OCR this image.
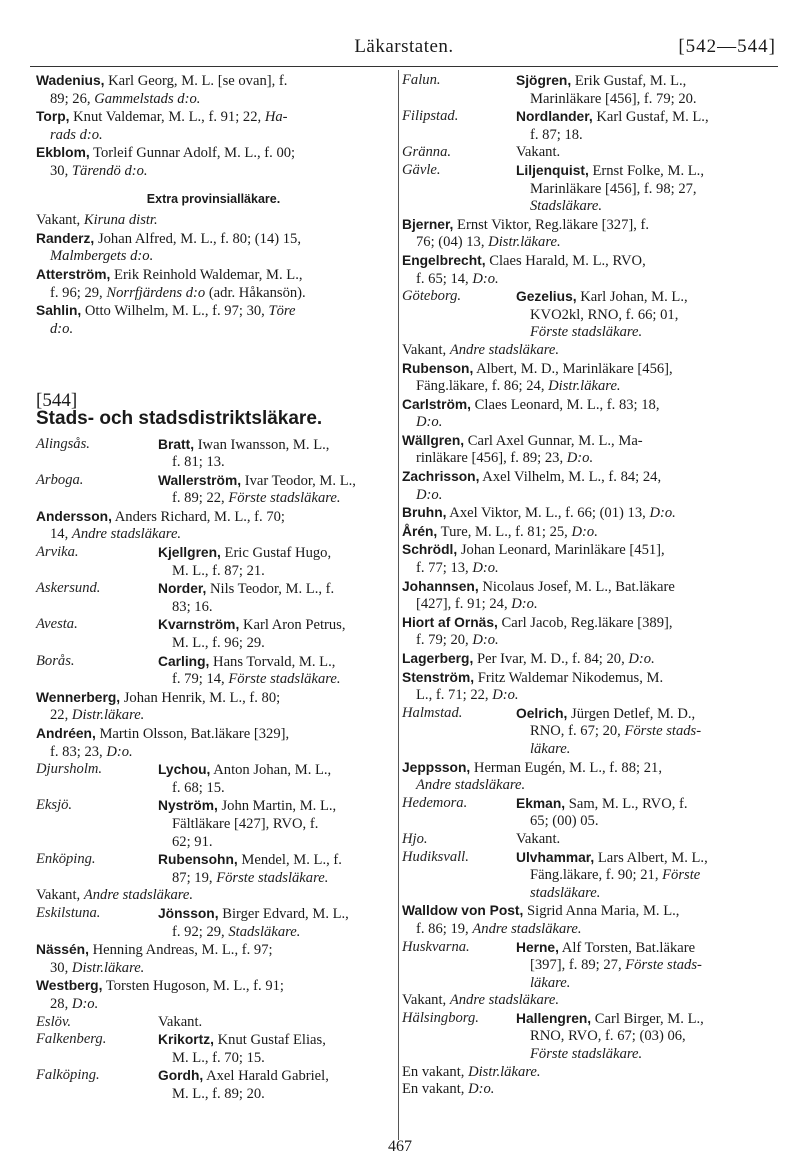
Läkarstaten.	[542—544]
Wadenius, Karl Georg, M. L. [se ovan], f.
89; 26, Gammelstads d:o.
Torp, Knut Valdemar, M. L., f. 91; 22, Ha-
rads d:o.
Ekblom, Torleif Gunnar Adolf, M. L., f. 00;
30, Tärendö d:o.
Extra provinsialläkare.
Vakant, Kiruna distr.
Randerz, Johan Alfred, M. L., f. 80; (14) 15,
Malmbergets d:o.
Atterström, Erik Reinhold Waldemar, M. L.,
f. 96; 29, Norrfjärdens d:o (adr. Håkansön).
Sahlin, Otto Wilhelm, M. L., f. 97; 30, Töre
d:o.
[544]
Stads- och stadsdistriktsläkare.
Alingsås.	Bratt, Iwan Iwansson, M. L.,
f. 81; 13.
Arboga.	Wallerström, Ivar Teodor, M. L.,
f. 89; 22, Förste stadsläkare.
Andersson, Anders Richard, M. L., f. 70;
14, Andre stadsläkare.
Arvika.	Kjellgren, Eric Gustaf Hugo,
M. L., f. 87; 21.
Askersund.	Norder, Nils Teodor, M. L., f.
83; 16.
Avesta.	Kvarnström, Karl Aron Petrus,
M. L., f. 96; 29.
Borås.	Carling, Hans Torvald, M. L.,
f. 79; 14, Förste stadsläkare.
Wennerberg, Johan Henrik, M. L., f. 80;
22, Distr.läkare.
Andréen, Martin Olsson, Bat.läkare [329],
f. 83; 23, D:o.
Djursholm.	Lychou, Anton Johan, M. L.,
f. 68; 15.
Eksjö.	Nyström, John Martin, M. L.,
Fältläkare [427], RVO, f.
62; 91.
Enköping.	Rubensohn, Mendel, M. L., f.
87; 19, Förste stadsläkare.
Vakant, Andre stadsläkare.
Eskilstuna.	Jönsson, Birger Edvard, M. L.,
f. 92; 29, Stadsläkare.
Nässén, Henning Andreas, M. L., f. 97;
30, Distr.läkare.
Westberg, Torsten Hugoson, M. L., f. 91;
28, D:o.
Eslöv.	Vakant.
Falkenberg.	Krikortz, Knut Gustaf Elias,
M. L., f. 70; 15.
Falköping.	Gordh, Axel Harald Gabriel,
M. L., f. 89; 20.
Falun.	Sjögren, Erik Gustaf, M. L.,
Marinläkare [456], f. 79; 20.
Filipstad.	Nordlander, Karl Gustaf, M. L.,
f. 87; 18.
Gränna.	Vakant.
Gävle.	Liljenquist, Ernst Folke, M. L.,
Marinläkare [456], f. 98; 27,
Stadsläkare.
Bjerner, Ernst Viktor, Reg.läkare [327], f.
76; (04) 13, Distr.läkare.
Engelbrecht, Claes Harald, M. L., RVO,
f. 65; 14, D:o.
Göteborg.	Gezelius, Karl Johan, M. L.,
KVO2kl, RNO, f. 66; 01,
Förste stadsläkare.
Vakant, Andre stadsläkare.
Rubenson, Albert, M. D., Marinläkare [456],
Fäng.läkare, f. 86; 24, Distr.läkare.
Carlström, Claes Leonard, M. L., f. 83; 18,
D:o.
Wällgren, Carl Axel Gunnar, M. L., Ma-
rinläkare [456], f. 89; 23, D:o.
Zachrisson, Axel Vilhelm, M. L., f. 84; 24,
D:o.
Bruhn, Axel Viktor, M. L., f. 66; (01) 13, D:o.
Årén, Ture, M. L., f. 81; 25, D:o.
Schrödl, Johan Leonard, Marinläkare [451],
f. 77; 13, D:o.
Johannsen, Nicolaus Josef, M. L., Bat.läkare
[427], f. 91; 24, D:o.
Hiort af Ornäs, Carl Jacob, Reg.läkare [389],
f. 79; 20, D:o.
Lagerberg, Per Ivar, M. D., f. 84; 20, D:o.
Stenström, Fritz Waldemar Nikodemus, M.
L., f. 71; 22, D:o.
Halmstad.	Oelrich, Jürgen Detlef, M. D.,
RNO, f. 67; 20, Förste stads-
läkare.
Jeppsson, Herman Eugén, M. L., f. 88; 21,
Andre stadsläkare.
Hedemora.	Ekman, Sam, M. L., RVO, f.
65; (00) 05.
Hjo.	Vakant.
Hudiksvall.	Ulvhammar, Lars Albert, M. L.,
Fäng.läkare, f. 90; 21, Förste
stadsläkare.
Walldow von Post, Sigrid Anna Maria, M. L.,
f. 86; 19, Andre stadsläkare.
Huskvarna.	Herne, Alf Torsten, Bat.läkare
[397], f. 89; 27, Förste stads-
läkare.
Vakant, Andre stadsläkare.
Hälsingborg.	Hallengren, Carl Birger, M. L.,
RNO, RVO, f. 67; (03) 06,
Förste stadsläkare.
En vakant, Distr.läkare.
En vakant, D:o.
467
